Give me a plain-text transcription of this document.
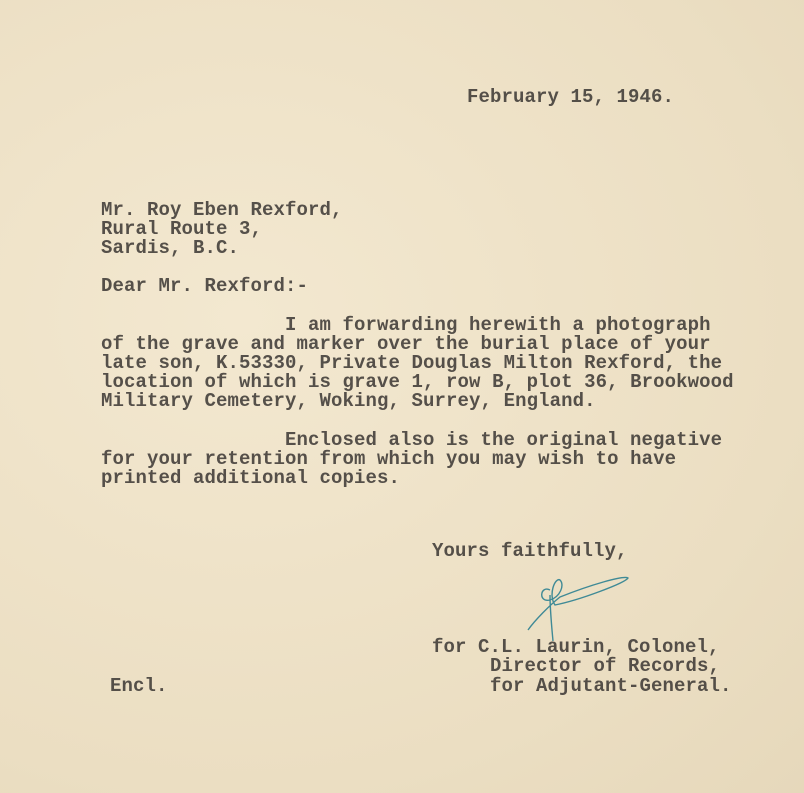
February 15, 1946.
Mr. Roy Eben Rexford,
Rural Route 3,
Sardis, B.C.
Dear Mr. Rexford:-
I am forwarding herewith a photograph
of the grave and marker over the burial place of your
late son, K.53330, Private Douglas Milton Rexford, the
location of which is grave 1, row B, plot 36, Brookwood
Military Cemetery, Woking, Surrey, England.
Enclosed also is the original negative
for your retention from which you may wish to have
printed additional copies.
Yours faithfully,
for C.L. Laurin, Colonel,
Director of Records,
for Adjutant-General.
Encl.
